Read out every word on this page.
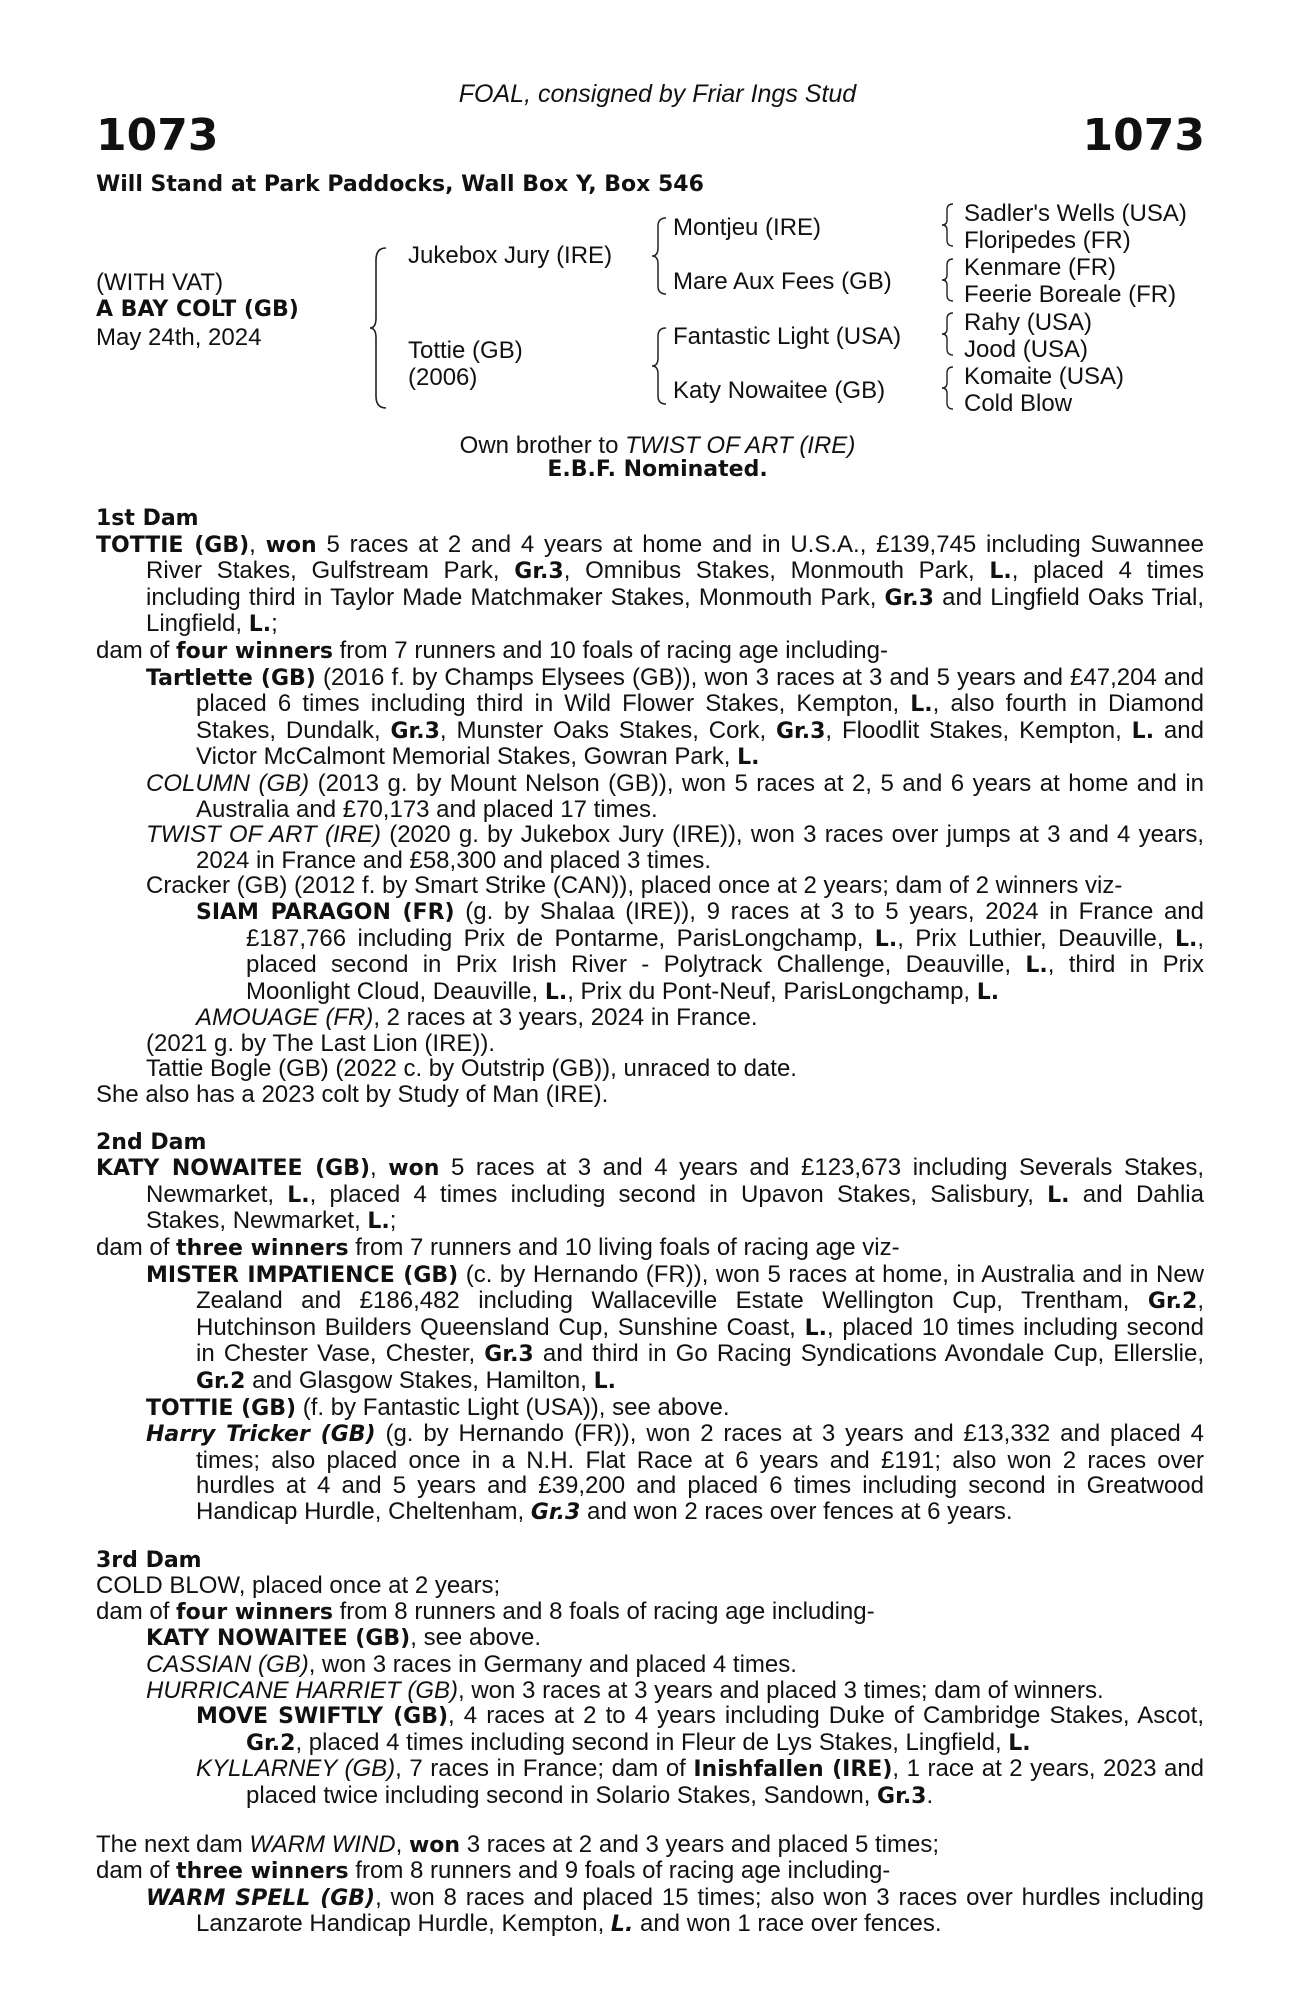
FOAL, consigned by Friar Ings Stud
1073	1073
Will Stand at Park Paddocks, Wall Box Y, Box 546
(WITH VAT)
A BAY COLT (GB)
May 24th, 2024
Jukebox Jury (IRE)
Tottie (GB)
(2006)
Montjeu (IRE)
Mare Aux Fees (GB)
Fantastic Light (USA)
Katy Nowaitee (GB)
Sadler's Wells (USA)
Floripedes (FR)
Kenmare (FR)
Feerie Boreale (FR)
Rahy (USA)
Jood (USA)
Komaite (USA)
Cold Blow
Own brother to TWIST OF ART (IRE)
E.B.F. Nominated.

1st Dam

TOTTIE (GB), won 5 races at 2 and 4 years at home and in U.S.A., £139,745 including Suwannee River Stakes, Gulfstream Park, Gr.3, Omnibus Stakes, Monmouth Park, L., placed 4 times including third in Taylor Made Matchmaker Stakes, Monmouth Park, Gr.3 and Lingfield Oaks Trial, Lingfield, L.;

dam of four winners from 7 runners and 10 foals of racing age including-

Tartlette (GB) (2016 f. by Champs Elysees (GB)), won 3 races at 3 and 5 years and £47,204 and placed 6 times including third in Wild Flower Stakes, Kempton, L., also fourth in Diamond Stakes, Dundalk, Gr.3, Munster Oaks Stakes, Cork, Gr.3, Floodlit Stakes, Kempton, L. and Victor McCalmont Memorial Stakes, Gowran Park, L.

COLUMN (GB) (2013 g. by Mount Nelson (GB)), won 5 races at 2, 5 and 6 years at home and in Australia and £70,173 and placed 17 times.

TWIST OF ART (IRE) (2020 g. by Jukebox Jury (IRE)), won 3 races over jumps at 3 and 4 years, 2024 in France and £58,300 and placed 3 times.

Cracker (GB) (2012 f. by Smart Strike (CAN)), placed once at 2 years; dam of 2 winners viz-

SIAM PARAGON (FR) (g. by Shalaa (IRE)), 9 races at 3 to 5 years, 2024 in France and £187,766 including Prix de Pontarme, ParisLongchamp, L., Prix Luthier, Deauville, L., placed second in Prix Irish River - Polytrack Challenge, Deauville, L., third in Prix Moonlight Cloud, Deauville, L., Prix du Pont-Neuf, ParisLongchamp, L.

AMOUAGE (FR), 2 races at 3 years, 2024 in France.

(2021 g. by The Last Lion (IRE)).

Tattie Bogle (GB) (2022 c. by Outstrip (GB)), unraced to date.

She also has a 2023 colt by Study of Man (IRE).

2nd Dam

KATY NOWAITEE (GB), won 5 races at 3 and 4 years and £123,673 including Severals Stakes, Newmarket, L., placed 4 times including second in Upavon Stakes, Salisbury, L. and Dahlia Stakes, Newmarket, L.;

dam of three winners from 7 runners and 10 living foals of racing age viz-

MISTER IMPATIENCE (GB) (c. by Hernando (FR)), won 5 races at home, in Australia and in New Zealand and £186,482 including Wallaceville Estate Wellington Cup, Trentham, Gr.2, Hutchinson Builders Queensland Cup, Sunshine Coast, L., placed 10 times including second in Chester Vase, Chester, Gr.3 and third in Go Racing Syndications Avondale Cup, Ellerslie, Gr.2 and Glasgow Stakes, Hamilton, L.

TOTTIE (GB) (f. by Fantastic Light (USA)), see above.

Harry Tricker (GB) (g. by Hernando (FR)), won 2 races at 3 years and £13,332 and placed 4 times; also placed once in a N.H. Flat Race at 6 years and £191; also won 2 races over hurdles at 4 and 5 years and £39,200 and placed 6 times including second in Greatwood Handicap Hurdle, Cheltenham, Gr.3 and won 2 races over fences at 6 years.

3rd Dam

COLD BLOW, placed once at 2 years;

dam of four winners from 8 runners and 8 foals of racing age including-

KATY NOWAITEE (GB), see above.

CASSIAN (GB), won 3 races in Germany and placed 4 times.

HURRICANE HARRIET (GB), won 3 races at 3 years and placed 3 times; dam of winners.

MOVE SWIFTLY (GB), 4 races at 2 to 4 years including Duke of Cambridge Stakes, Ascot, Gr.2, placed 4 times including second in Fleur de Lys Stakes, Lingfield, L.

KYLLARNEY (GB), 7 races in France; dam of Inishfallen (IRE), 1 race at 2 years, 2023 and placed twice including second in Solario Stakes, Sandown, Gr.3.

The next dam WARM WIND, won 3 races at 2 and 3 years and placed 5 times;

dam of three winners from 8 runners and 9 foals of racing age including-

WARM SPELL (GB), won 8 races and placed 15 times; also won 3 races over hurdles including Lanzarote Handicap Hurdle, Kempton, L. and won 1 race over fences.
